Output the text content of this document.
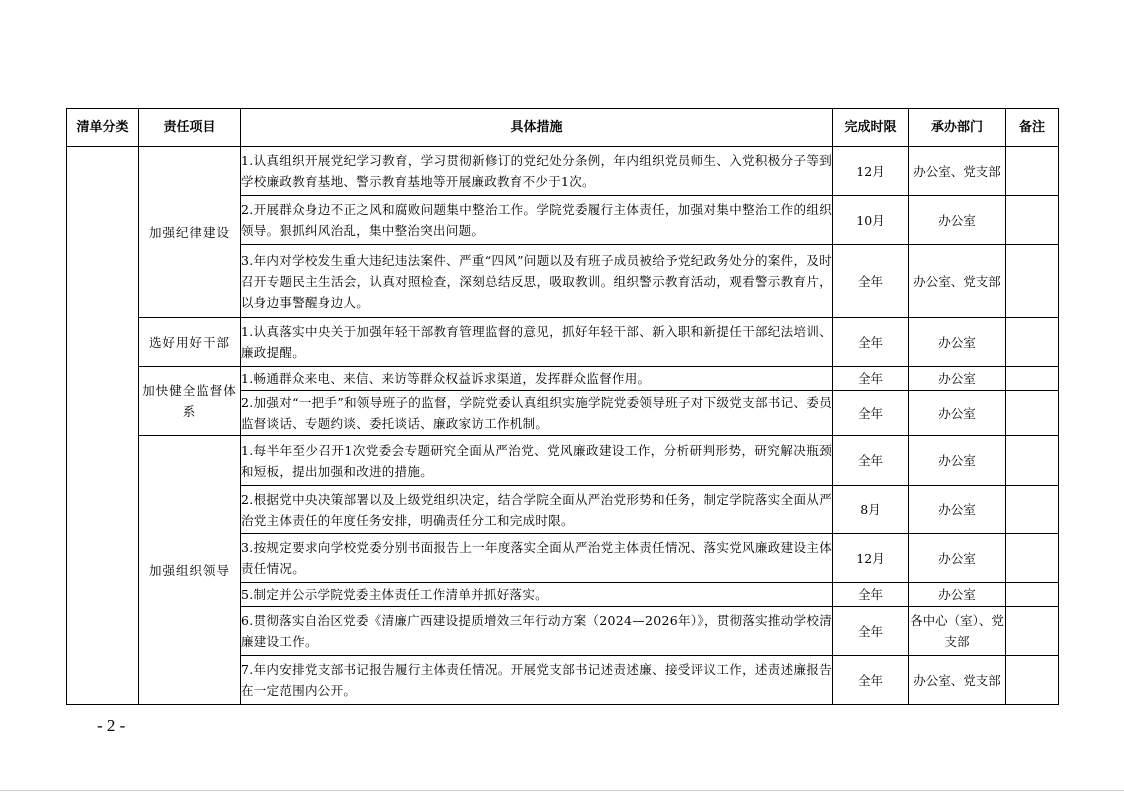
清单分类	责任项目	具体措施	完成时限	承办部门	备注
	加强纪律建设	1.认真组织开展党纪学习教育，学习贯彻新修订的党纪处分条例，年内组织党员师生、入党积极分子等到学校廉政教育基地、警示教育基地等开展廉政教育不少于1次。	12月	办公室、党支部	
		2.开展群众身边不正之风和腐败问题集中整治工作。学院党委履行主体责任，加强对集中整治工作的组织领导。狠抓纠风治乱，集中整治突出问题。	10月	办公室	
		3.年内对学校发生重大违纪违法案件、严重“四风”问题以及有班子成员被给予党纪政务处分的案件，及时召开专题民主生活会，认真对照检查，深刻总结反思，吸取教训。组织警示教育活动，观看警示教育片，以身边事警醒身边人。	全年	办公室、党支部	
	选好用好干部	1.认真落实中央关于加强年轻干部教育管理监督的意见，抓好年轻干部、新入职和新提任干部纪法培训、廉政提醒。	全年	办公室	
	加快健全监督体系	1.畅通群众来电、来信、来访等群众权益诉求渠道，发挥群众监督作用。	全年	办公室	
		2.加强对“一把手”和领导班子的监督，学院党委认真组织实施学院党委领导班子对下级党支部书记、委员监督谈话、专题约谈、委托谈话、廉政家访工作机制。	全年	办公室	
	加强组织领导	1.每半年至少召开1次党委会专题研究全面从严治党、党风廉政建设工作，分析研判形势，研究解决瓶颈和短板，提出加强和改进的措施。	全年	办公室	
		2.根据党中央决策部署以及上级党组织决定，结合学院全面从严治党形势和任务，制定学院落实全面从严治党主体责任的年度任务安排，明确责任分工和完成时限。	8月	办公室	
		3.按规定要求向学校党委分别书面报告上一年度落实全面从严治党主体责任情况、落实党风廉政建设主体责任情况。	12月	办公室	
		5.制定并公示学院党委主体责任工作清单并抓好落实。	全年	办公室	
		6.贯彻落实自治区党委《清廉广西建设提质增效三年行动方案（2024—2026年）》，贯彻落实推动学校清廉建设工作。	全年	各中心（室）、党支部	
		7.年内安排党支部书记报告履行主体责任情况。开展党支部书记述责述廉、接受评议工作，述责述廉报告在一定范围内公开。	全年	办公室、党支部	
- 2 -
